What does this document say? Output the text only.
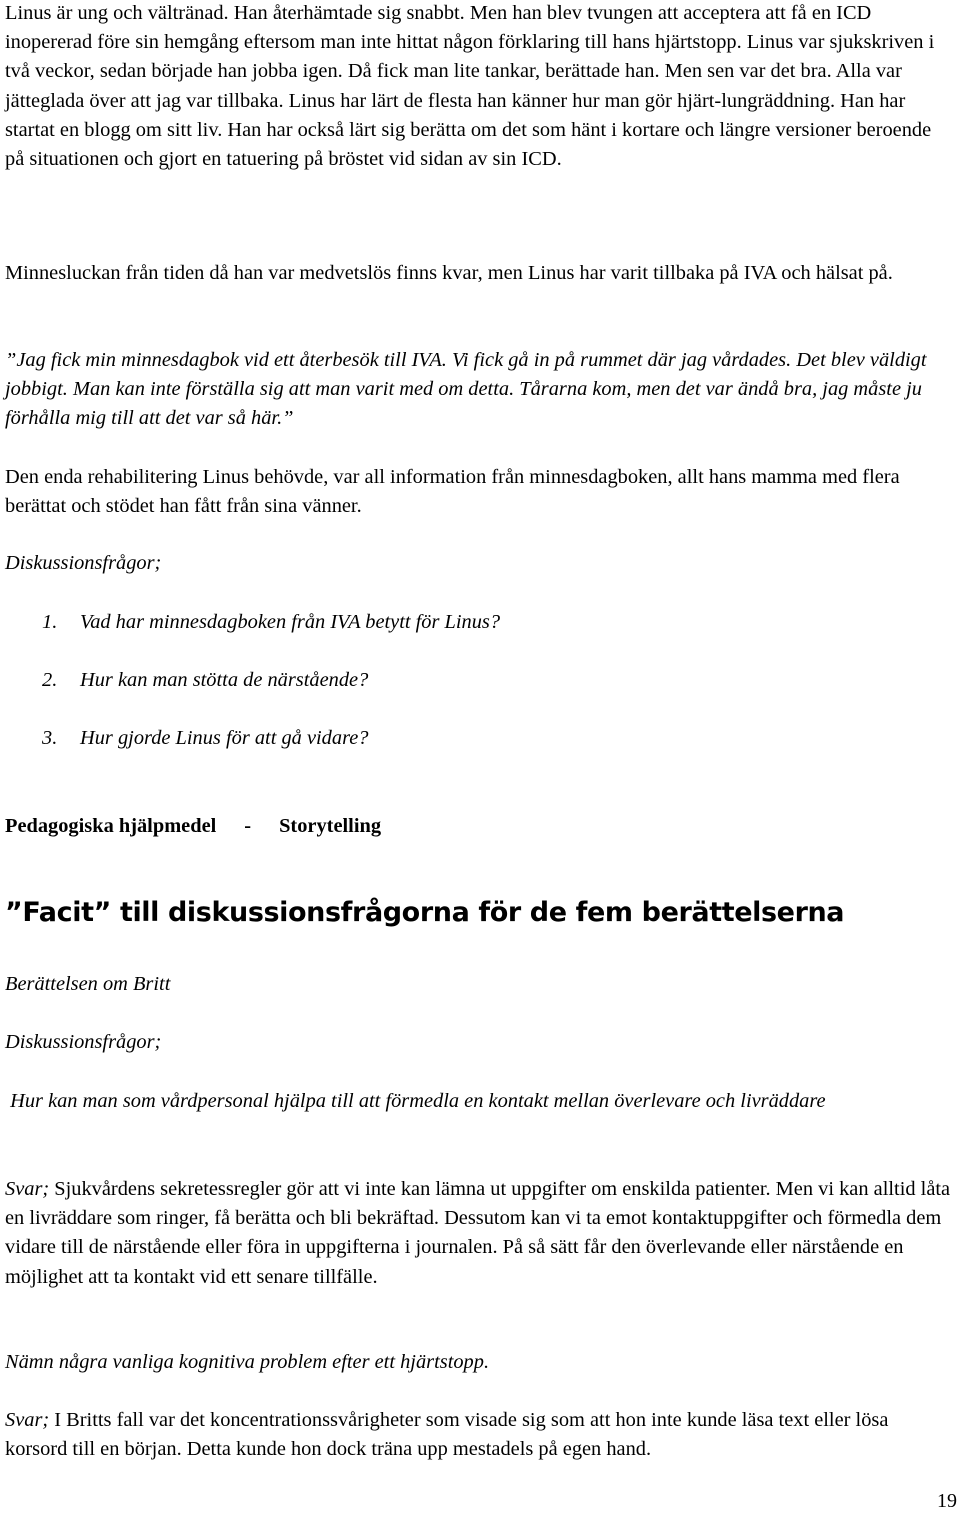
Linus är ung och vältränad. Han återhämtade sig snabbt. Men han blev tvungen att acceptera att få en ICD inopererad före sin hemgång eftersom man inte hittat någon förklaring till hans hjärtstopp. Linus var sjukskriven i två veckor, sedan började han jobba igen. Då fick man lite tankar, berättade han. Men sen var det bra. Alla var jätteglada över att jag var tillbaka. Linus har lärt de flesta han känner hur man gör hjärt-lungräddning. Han har startat en blogg om sitt liv. Han har också lärt sig berätta om det som hänt i kortare och längre versioner beroende på situationen och gjort en tatuering på bröstet vid sidan av sin ICD.

Minnesluckan från tiden då han var medvetslös finns kvar, men Linus har varit tillbaka på IVA och hälsat på.

”Jag fick min minnesdagbok vid ett återbesök till IVA. Vi fick gå in på rummet där jag vårdades. Det blev väldigt jobbigt. Man kan inte förställa sig att man varit med om detta. Tårarna kom, men det var ändå bra, jag måste ju förhålla mig till att det var så här.”

Den enda rehabilitering Linus behövde, var all information från minnesdagboken, allt hans mamma med flera berättat och stödet han fått från sina vänner.

Diskussionsfrågor;

1. Vad har minnesdagboken från IVA betytt för Linus?

2. Hur kan man stötta de närstående?

3. Hur gjorde Linus för att gå vidare?

Pedagogiska hjälpmedel - Storytelling

”Facit” till diskussionsfrågorna för de fem berättelserna

Berättelsen om Britt

Diskussionsfrågor;

Hur kan man som vårdpersonal hjälpa till att förmedla en kontakt mellan överlevare och livräddare

Svar; Sjukvårdens sekretessregler gör att vi inte kan lämna ut uppgifter om enskilda patienter. Men vi kan alltid låta en livräddare som ringer, få berätta och bli bekräftad. Dessutom kan vi ta emot kontaktuppgifter och förmedla dem vidare till de närstående eller föra in uppgifterna i journalen. På så sätt får den överlevande eller närstående en möjlighet att ta kontakt vid ett senare tillfälle.

Nämn några vanliga kognitiva problem efter ett hjärtstopp.

Svar; I Britts fall var det koncentrationssvårigheter som visade sig som att hon inte kunde läsa text eller lösa korsord till en början. Detta kunde hon dock träna upp mestadels på egen hand.

19
